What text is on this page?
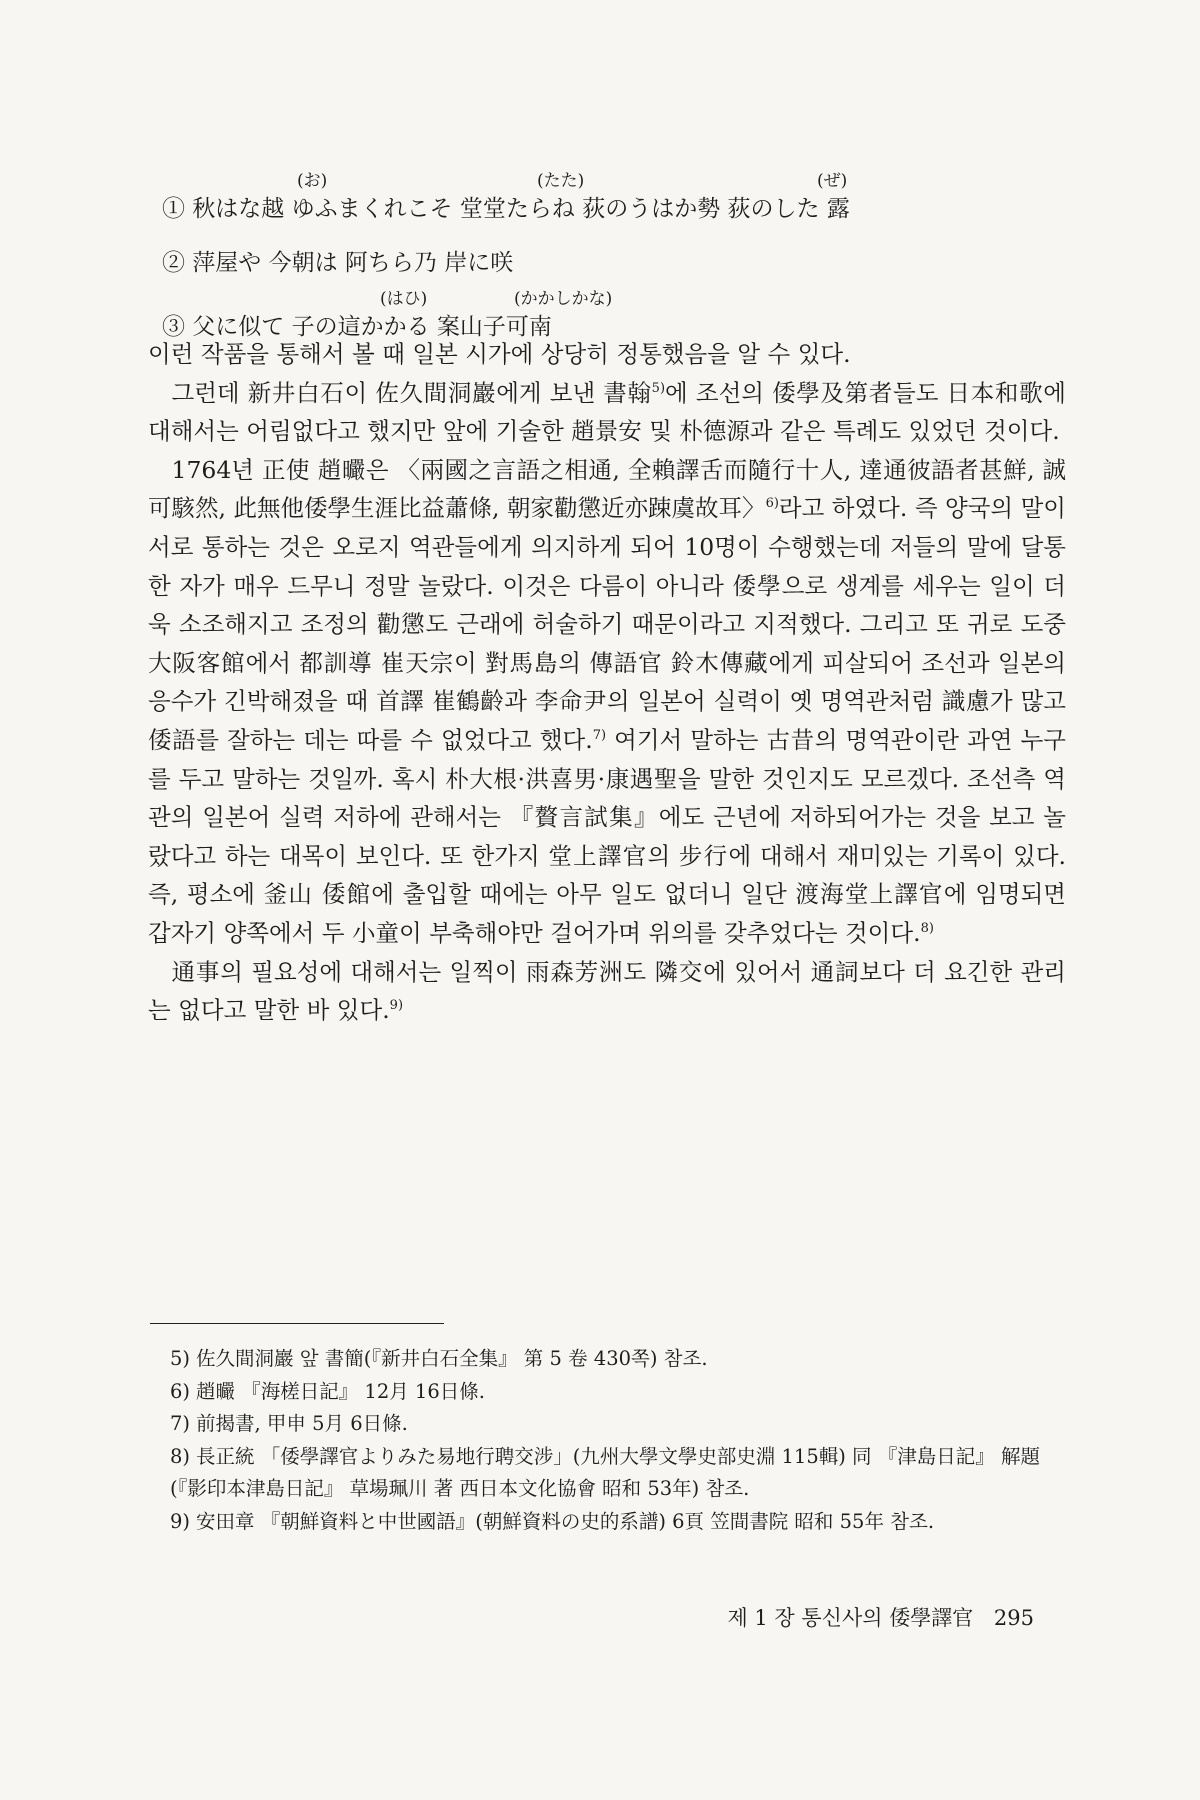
(お)	(たた)	(ぜ)
① 秋はな越 ゆふまくれこそ 堂堂たらね 荻のうはか勢 荻のした 露
② 萍屋や 今朝は 阿ちら乃 岸に咲
(はひ)	(かかしかな)
③ 父に似て 子の這かかる 案山子可南

이런 작품을 통해서 볼 때 일본 시가에 상당히 정통했음을 알 수 있다.

그런데 新井白石이 佐久間洞巖에게 보낸 書翰$^{5)}$에 조선의 倭學及第者들도 日本和歌에 대해서는 어림없다고 했지만 앞에 기술한 趙景安 및 朴德源과 같은 특례도 있었던 것이다.

1764년 正使 趙曮은 〈兩國之言語之相通, 全賴譯舌而隨行十人, 達通彼語者甚鮮, 誠可駭然, 此無他倭學生涯比益蕭條, 朝家勸懲近亦踈虞故耳〉$^{6)}$라고 하였다. 즉 양국의 말이 서로 통하는 것은 오로지 역관들에게 의지하게 되어 10명이 수행했는데 저들의 말에 달통한 자가 매우 드무니 정말 놀랐다. 이것은 다름이 아니라 倭學으로 생계를 세우는 일이 더욱 소조해지고 조정의 勸懲도 근래에 허술하기 때문이라고 지적했다. 그리고 또 귀로 도중 大阪客館에서 都訓導 崔天宗이 對馬島의 傳語官 鈴木傳藏에게 피살되어 조선과 일본의 응수가 긴박해졌을 때 首譯 崔鶴齡과 李命尹의 일본어 실력이 옛 명역관처럼 識慮가 많고 倭語를 잘하는 데는 따를 수 없었다고 했다.$^{7)}$ 여기서 말하는 古昔의 명역관이란 과연 누구를 두고 말하는 것일까. 혹시 朴大根·洪喜男·康遇聖을 말한 것인지도 모르겠다. 조선측 역관의 일본어 실력 저하에 관해서는 『贅言試集』에도 근년에 저하되어가는 것을 보고 놀랐다고 하는 대목이 보인다. 또 한가지 堂上譯官의 步行에 대해서 재미있는 기록이 있다. 즉, 평소에 釜山 倭館에 출입할 때에는 아무 일도 없더니 일단 渡海堂上譯官에 임명되면 갑자기 양쪽에서 두 小童이 부축해야만 걸어가며 위의를 갖추었다는 것이다.$^{8)}$

通事의 필요성에 대해서는 일찍이 雨森芳洲도 隣交에 있어서 通詞보다 더 요긴한 관리는 없다고 말한 바 있다.$^{9)}$

5) 佐久間洞巖 앞 書簡(『新井白石全集』 第 5 卷 430쪽) 참조.

6) 趙曮 『海槎日記』 12月 16日條.

7) 前揭書, 甲申 5月 6日條.

8) 長正統 「倭學譯官よりみた易地行聘交涉」(九州大學文學史部史淵 115輯) 同 『津島日記』 解題(『影印本津島日記』 草場珮川 著 西日本文化協會 昭和 53年) 참조.

9) 安田章 『朝鮮資料と中世國語』(朝鮮資料の史的系譜) 6頁 笠間書院 昭和 55年 참조.

제 1 장 통신사의 倭學譯官 295
